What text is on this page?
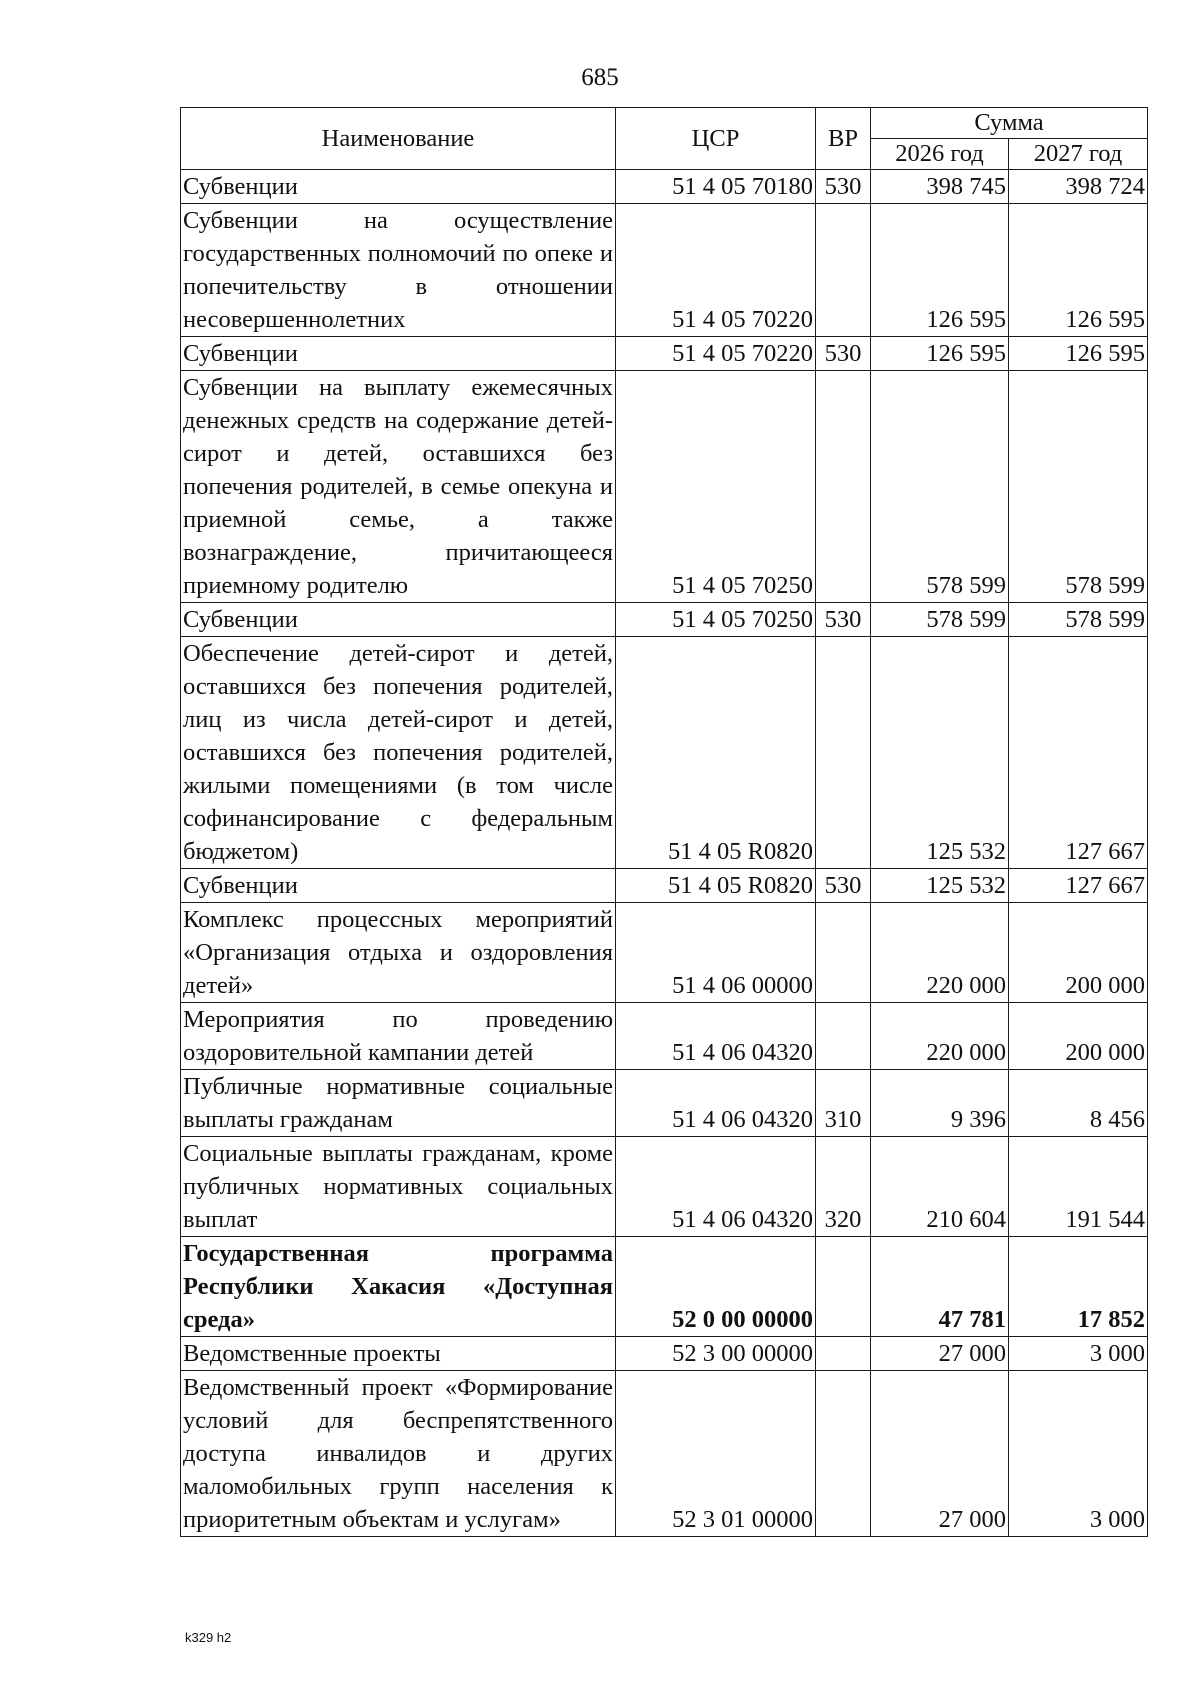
685
Наименование	ЦСР	ВР	Сумма	
			2026 год	2027 год
Субвенции	51 4 05 70180	530	398 745	398 724
Субвенции на осуществление государственных полномочий по опеке и попечительству в отношении несовершеннолетних	51 4 05 70220		126 595	126 595
Субвенции	51 4 05 70220	530	126 595	126 595
Субвенции на выплату ежемесячных денежных средств на содержание детей-сирот и детей, оставшихся без попечения родителей, в семье опекуна и приемной семье, а также вознаграждение, причитающееся приемному родителю	51 4 05 70250		578 599	578 599
Субвенции	51 4 05 70250	530	578 599	578 599
Обеспечение детей-сирот и детей, оставшихся без попечения родителей, лиц из числа детей-сирот и детей, оставшихся без попечения родителей, жилыми помещениями (в том числе софинансирование с федеральным бюджетом)	51 4 05 R0820		125 532	127 667
Субвенции	51 4 05 R0820	530	125 532	127 667
Комплекс процессных мероприятий «Организация отдыха и оздоровления детей»	51 4 06 00000		220 000	200 000
Мероприятия по проведению оздоровительной кампании детей	51 4 06 04320		220 000	200 000
Публичные нормативные социальные выплаты гражданам	51 4 06 04320	310	9 396	8 456
Социальные выплаты гражданам, кроме публичных нормативных социальных выплат	51 4 06 04320	320	210 604	191 544
Государственная программа Республики Хакасия «Доступная среда»	52 0 00 00000		47 781	17 852
Ведомственные проекты	52 3 00 00000		27 000	3 000
Ведомственный проект «Формирование условий для беспрепятственного доступа инвалидов и других маломобильных групп населения к приоритетным объектам и услугам»	52 3 01 00000		27 000	3 000
k329 h2
